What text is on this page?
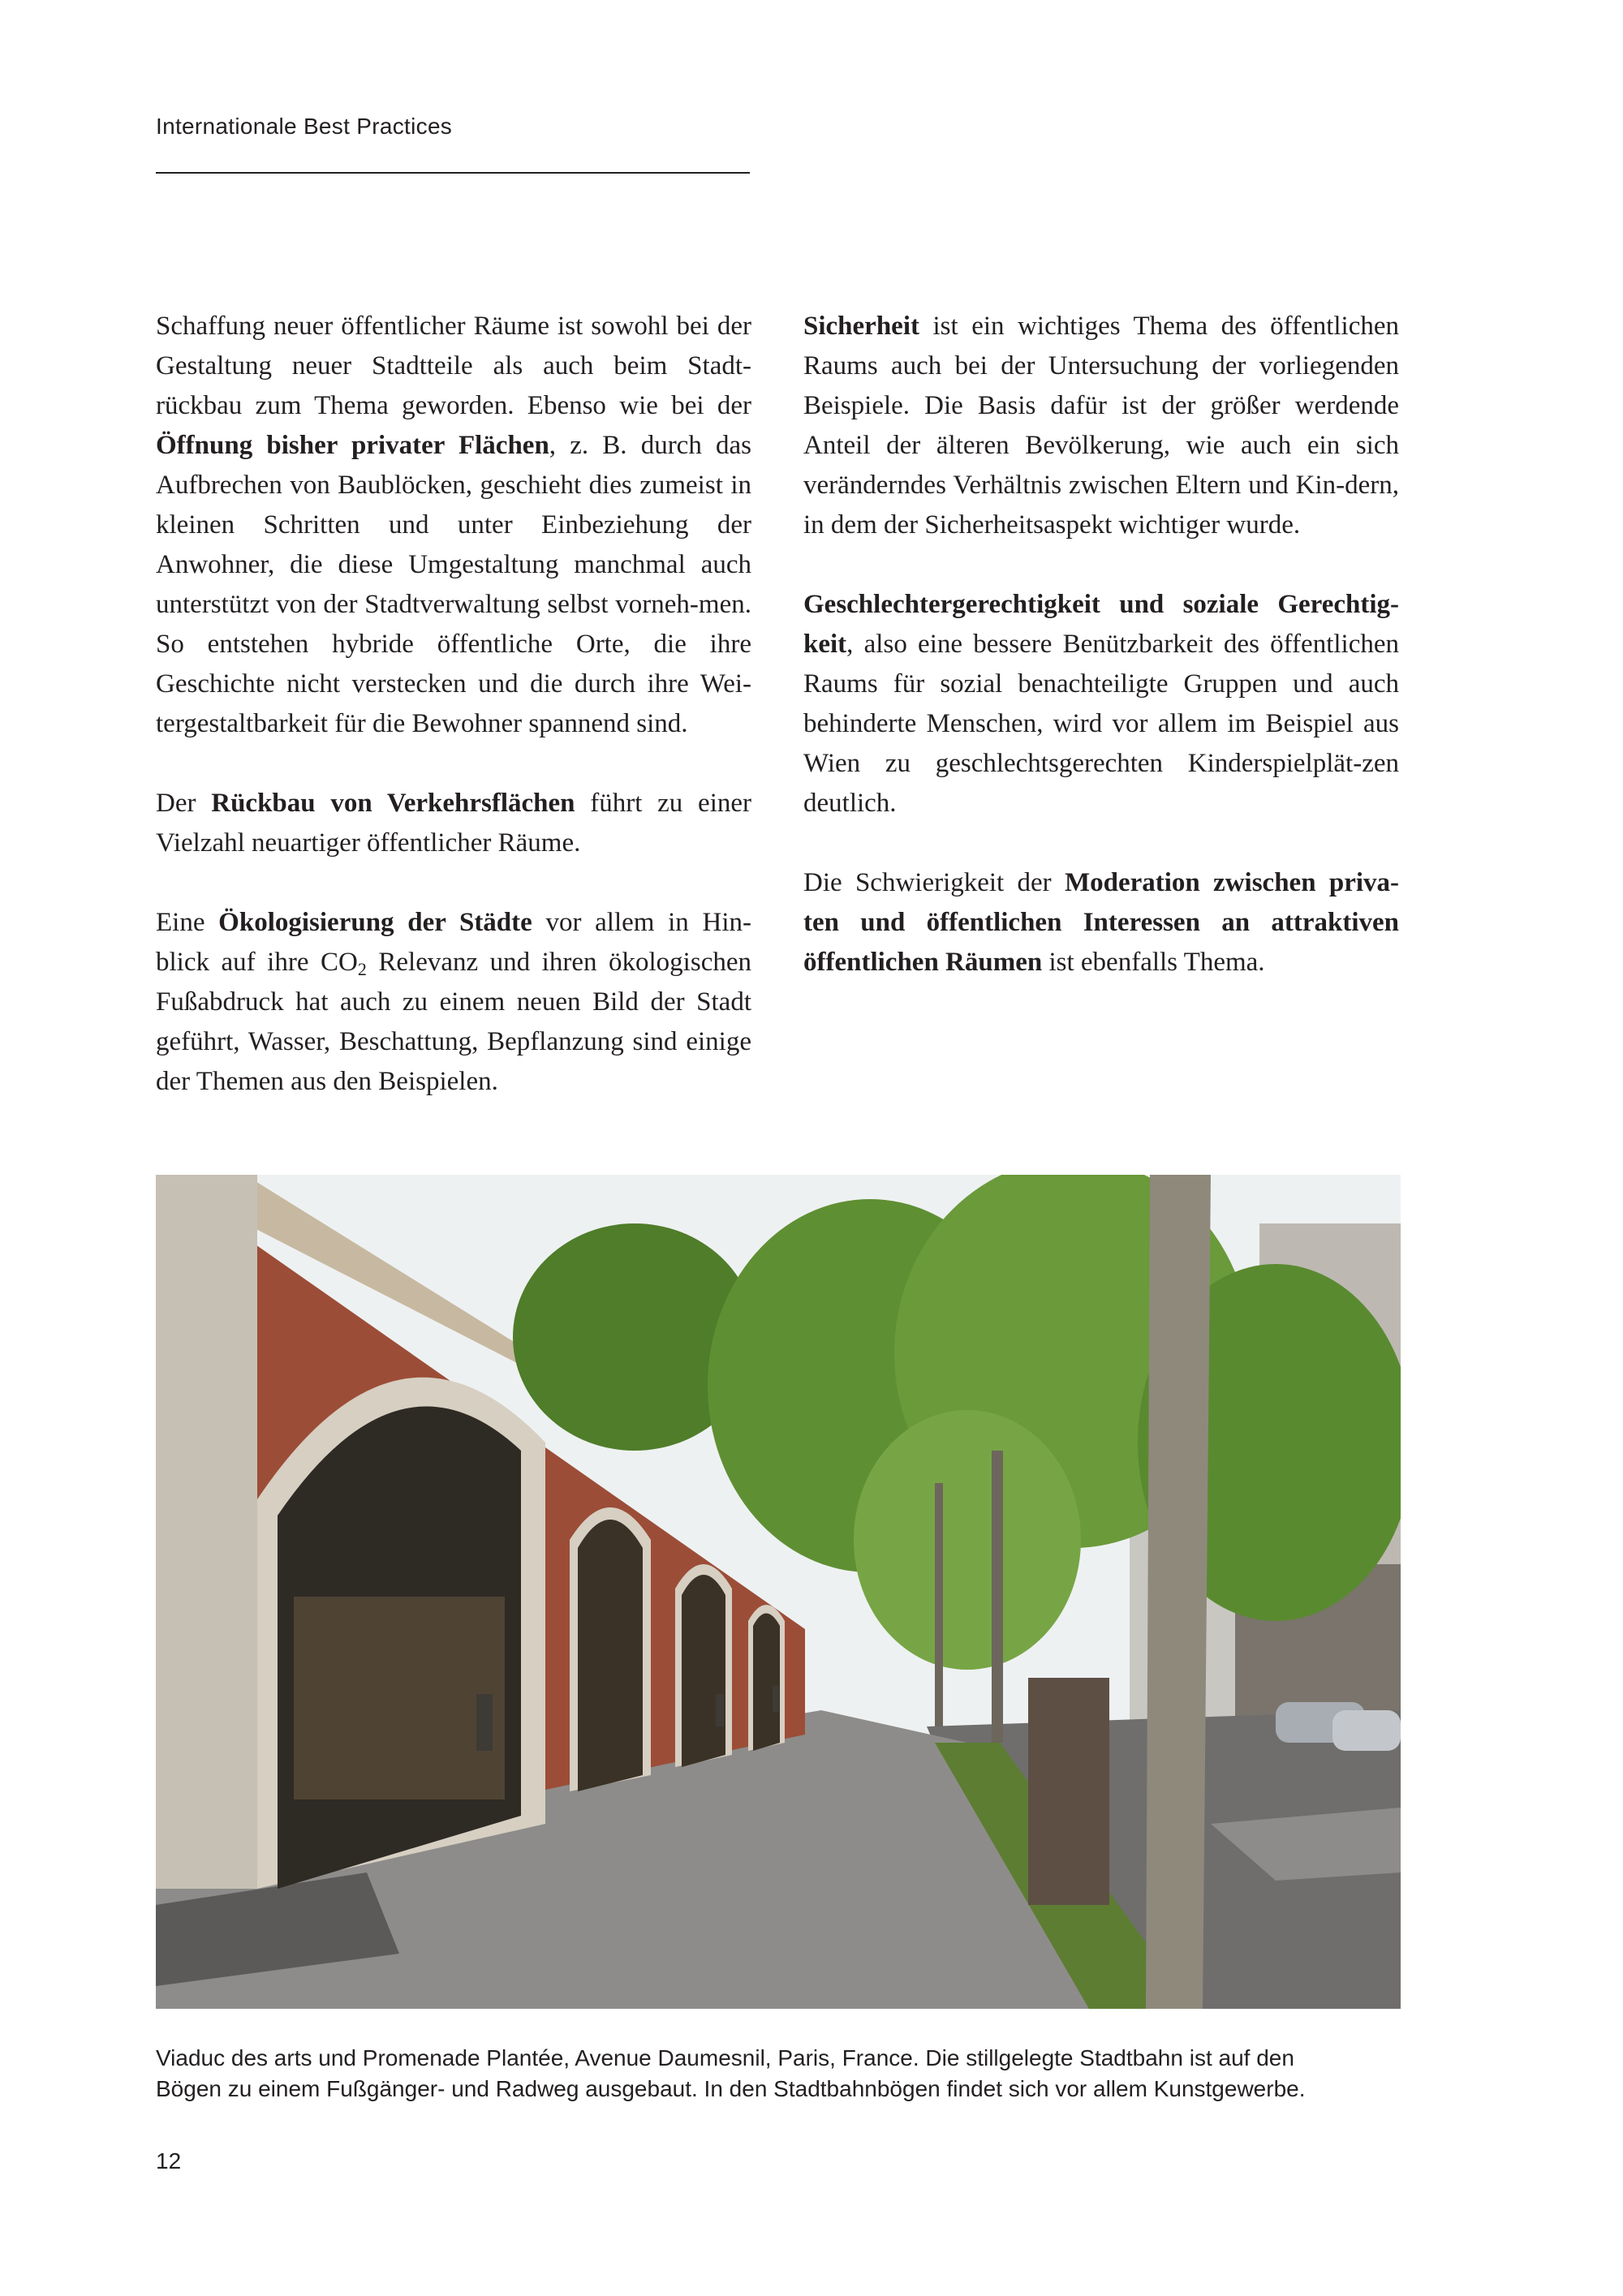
Internationale Best Practices

Schaffung neuer öffentlicher Räume ist sowohl bei der Gestaltung neuer Stadtteile als auch beim Stadt-rückbau zum Thema geworden. Ebenso wie bei der Öffnung bisher privater Flächen, z. B. durch das Aufbrechen von Baublöcken, geschieht dies zumeist in kleinen Schritten und unter Einbeziehung der Anwohner, die diese Umgestaltung manchmal auch unterstützt von der Stadtverwaltung selbst vorneh-men. So entstehen hybride öffentliche Orte, die ihre Geschichte nicht verstecken und die durch ihre Wei-tergestaltbarkeit für die Bewohner spannend sind.

Der Rückbau von Verkehrsflächen führt zu einer Vielzahl neuartiger öffentlicher Räume.

Eine Ökologisierung der Städte vor allem in Hin-blick auf ihre $CO_2$ Relevanz und ihren ökologischen Fußabdruck hat auch zu einem neuen Bild der Stadt geführt, Wasser, Beschattung, Bepflanzung sind einige der Themen aus den Beispielen.

Sicherheit ist ein wichtiges Thema des öffentlichen Raums auch bei der Untersuchung der vorliegenden Beispiele. Die Basis dafür ist der größer werdende Anteil der älteren Bevölkerung, wie auch ein sich veränderndes Verhältnis zwischen Eltern und Kin-dern, in dem der Sicherheitsaspekt wichtiger wurde.

Geschlechtergerechtigkeit und soziale Gerechtig-keit, also eine bessere Benützbarkeit des öffentlichen Raums für sozial benachteiligte Gruppen und auch behinderte Menschen, wird vor allem im Beispiel aus Wien zu geschlechtsgerechten Kinderspielplät-zen deutlich.

Die Schwierigkeit der Moderation zwischen priva-ten und öffentlichen Interessen an attraktiven öffentlichen Räumen ist ebenfalls Thema.

Viaduc des arts und Promenade Plantée, Avenue Daumesnil, Paris, France. Die stillgelegte Stadtbahn ist auf den
Bögen zu einem Fußgänger- und Radweg ausgebaut. In den Stadtbahnbögen findet sich vor allem Kunstgewerbe.
12
